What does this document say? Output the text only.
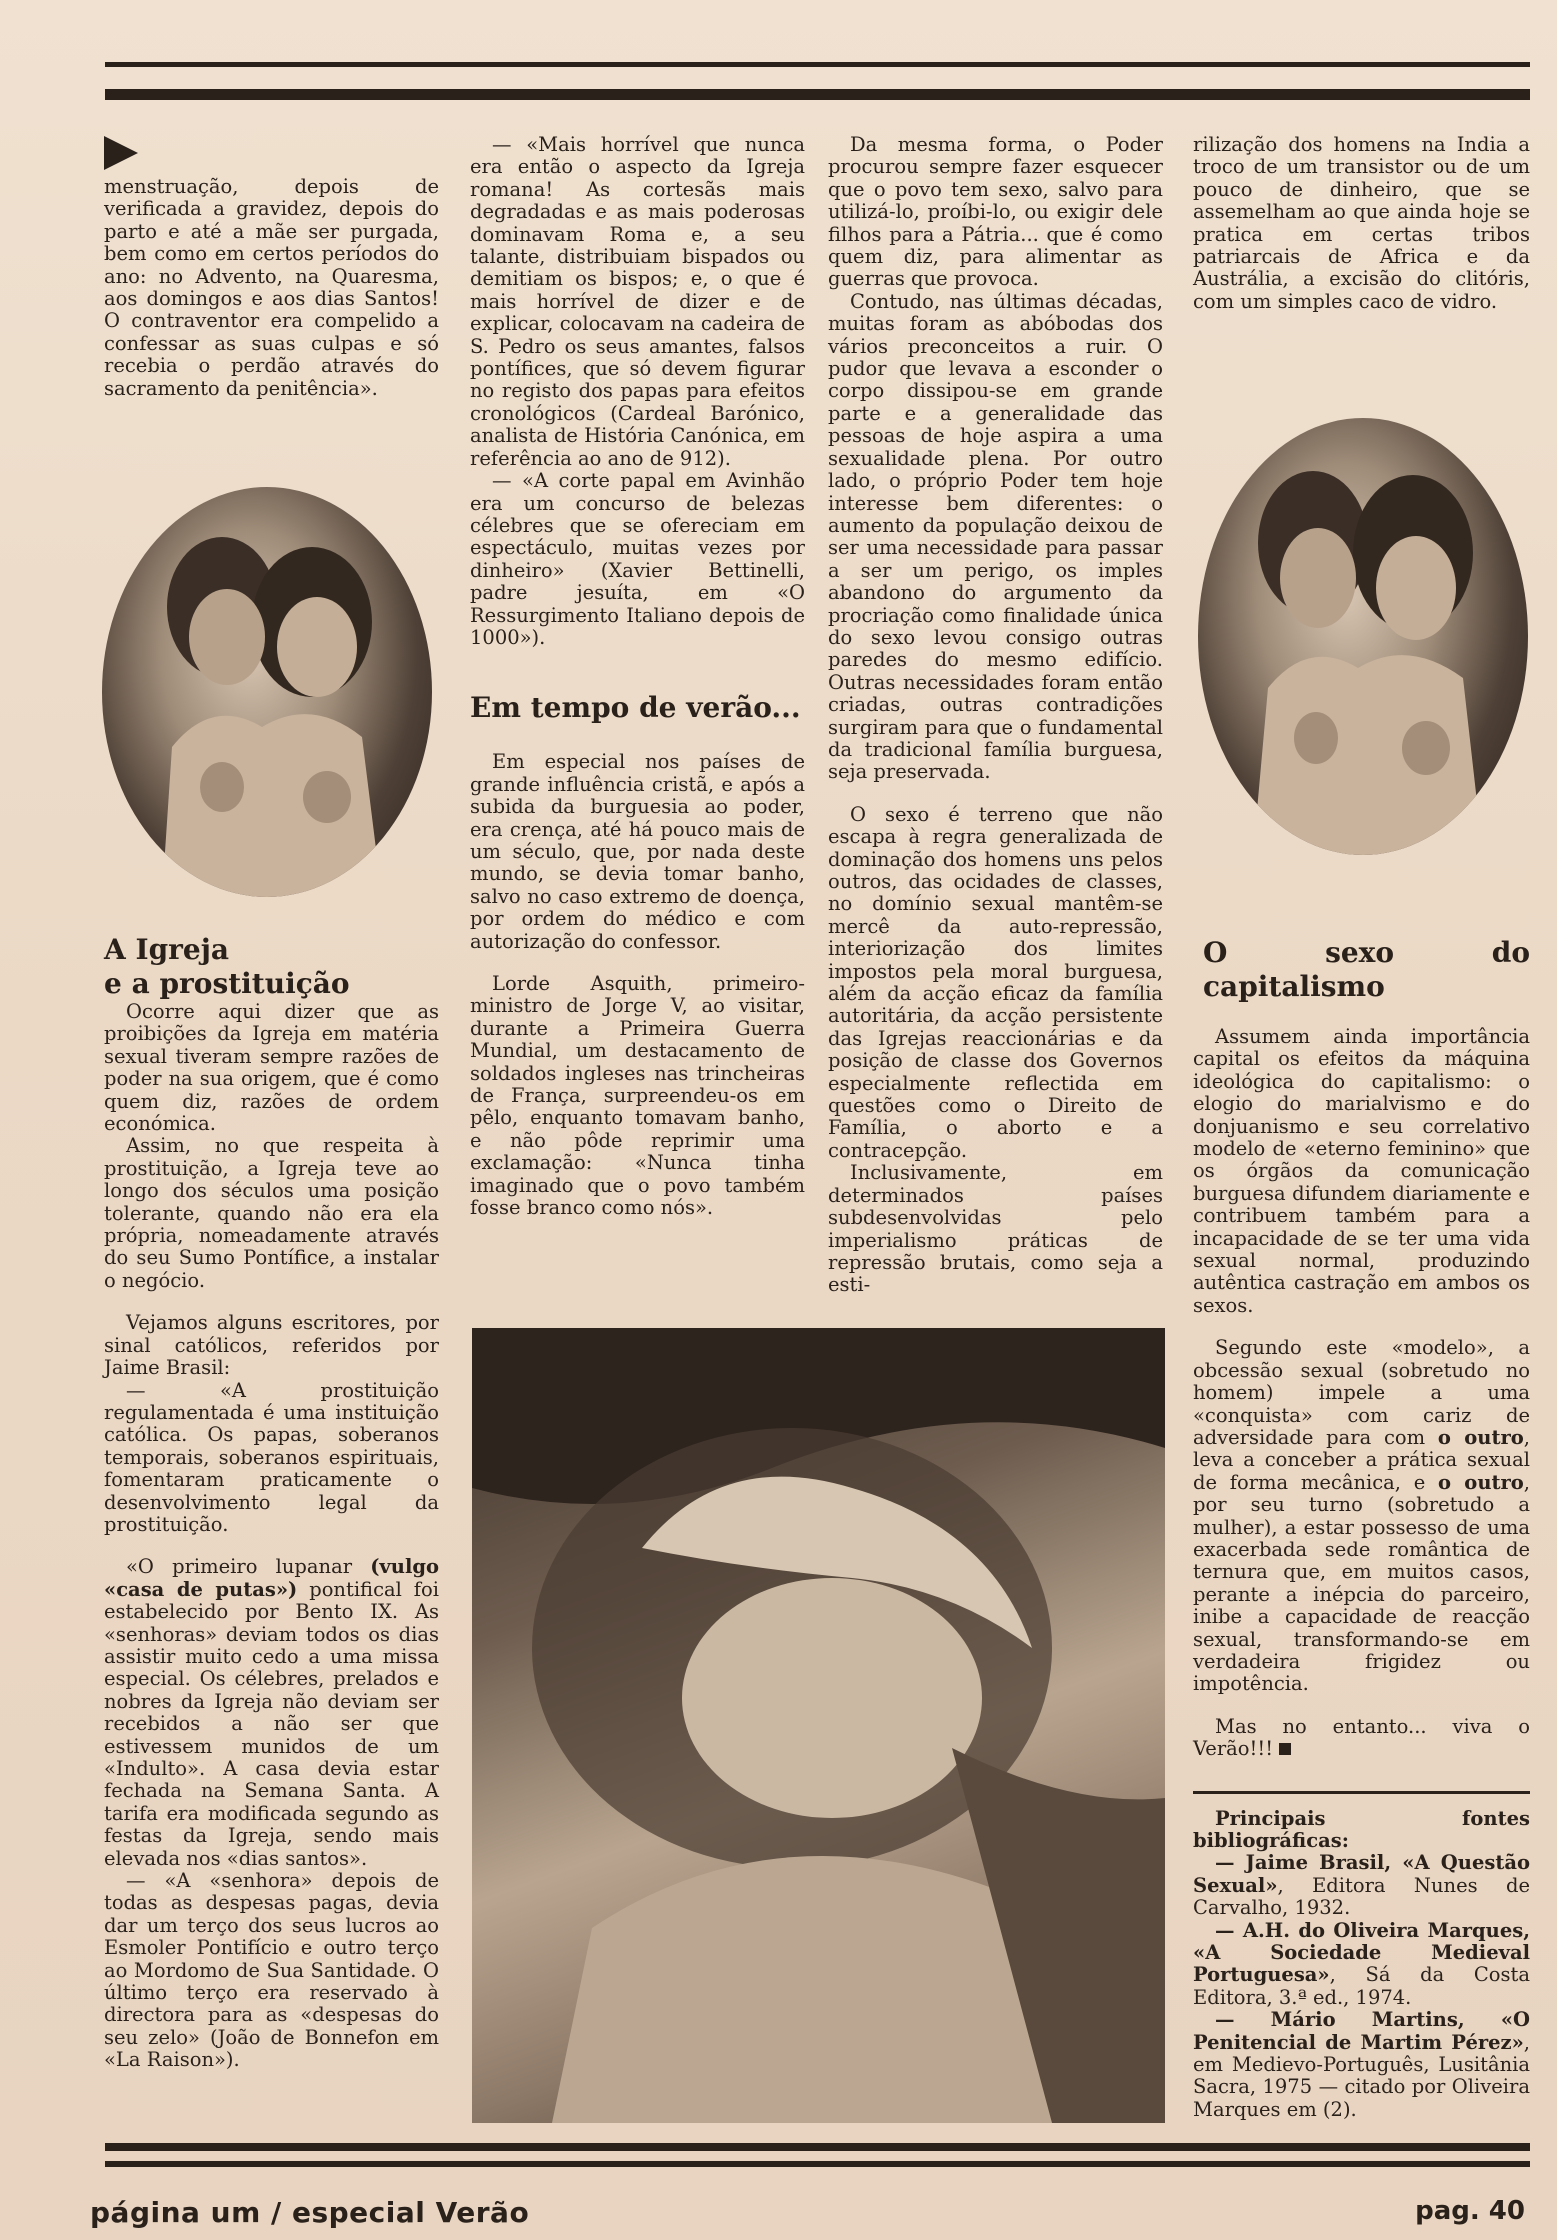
menstruação, depois de verificada a gravidez, depois do parto e até a mãe ser purgada, bem como em certos períodos do ano: no Advento, na Quaresma, aos domingos e aos dias Santos! O contraventor era compelido a confessar as suas culpas e só recebia o perdão através do sacramento da penitência».

A Igreja
e a prostituição

Ocorre aqui dizer que as proibições da Igreja em matéria sexual tiveram sempre razões de poder na sua origem, que é como quem diz, razões de ordem económica.

Assim, no que respeita à prostituição, a Igreja teve ao longo dos séculos uma posição tolerante, quando não era ela própria, nomeadamente através do seu Sumo Pontífice, a instalar o negócio.

Vejamos alguns escritores, por sinal católicos, referidos por Jaime Brasil:

— «A prostituição regulamentada é uma instituição católica. Os papas, soberanos temporais, soberanos espirituais, fomentaram praticamente o desenvolvimento legal da prostituição.

«O primeiro lupanar (vulgo «casa de putas») pontifical foi estabelecido por Bento IX. As «senhoras» deviam todos os dias assistir muito cedo a uma missa especial. Os célebres, prelados e nobres da Igreja não deviam ser recebidos a não ser que estivessem munidos de um «Indulto». A casa devia estar fechada na Semana Santa. A tarifa era modificada segundo as festas da Igreja, sendo mais elevada nos «dias santos».

— «A «senhora» depois de todas as despesas pagas, devia dar um terço dos seus lucros ao Esmoler Pontifício e outro terço ao Mordomo de Sua Santidade. O último terço era reservado à directora para as «despesas do seu zelo» (João de Bonnefon em «La Raison»).

— «Mais horrível que nunca era então o aspecto da Igreja romana! As cortesãs mais degradadas e as mais poderosas dominavam Roma e, a seu talante, distribuiam bispados ou demitiam os bispos; e, o que é mais horrível de dizer e de explicar, colocavam na cadeira de S. Pedro os seus amantes, falsos pontífices, que só devem figurar no registo dos papas para efeitos cronológicos (Cardeal Barónico, analista de História Canónica, em referência ao ano de 912).

— «A corte papal em Avinhão era um concurso de belezas célebres que se ofereciam em espectáculo, muitas vezes por dinheiro» (Xavier Bettinelli, padre jesuíta, em «O Ressurgimento Italiano depois de 1000»).

Em tempo de verão...

Em especial nos países de grande influência cristã, e após a subida da burguesia ao poder, era crença, até há pouco mais de um século, que, por nada deste mundo, se devia tomar banho, salvo no caso extremo de doença, por ordem do médico e com autorização do confessor.

Lorde Asquith, primeiro-ministro de Jorge V, ao visitar, durante a Primeira Guerra Mundial, um destacamento de soldados ingleses nas trincheiras de França, surpreendeu-os em pêlo, enquanto tomavam banho, e não pôde reprimir uma exclamação: «Nunca tinha imaginado que o povo também fosse branco como nós».

Da mesma forma, o Poder procurou sempre fazer esquecer que o povo tem sexo, salvo para utilizá-lo, proíbi-lo, ou exigir dele filhos para a Pátria... que é como quem diz, para alimentar as guerras que provoca.

Contudo, nas últimas décadas, muitas foram as abóbodas dos vários preconceitos a ruir. O pudor que levava a esconder o corpo dissipou-se em grande parte e a generalidade das pessoas de hoje aspira a uma sexualidade plena. Por outro lado, o próprio Poder tem hoje interesse bem diferentes: o aumento da população deixou de ser uma necessidade para passar a ser um perigo, os imples abandono do argumento da procriação como finalidade única do sexo levou consigo outras paredes do mesmo edifício. Outras necessidades foram então criadas, outras contradições surgiram para que o fundamental da tradicional família burguesa, seja preservada.

O sexo é terreno que não escapa à regra generalizada de dominação dos homens uns pelos outros, das ocidades de classes, no domínio sexual mantêm-se mercê da auto-repressão, interiorização dos limites impostos pela moral burguesa, além da acção eficaz da família autoritária, da acção persistente das Igrejas reaccionárias e da posição de classe dos Governos especialmente reflectida em questões como o Direito de Família, o aborto e a contracepção.

Inclusivamente, em determinados países subdesenvolvidas pelo imperialismo práticas de repressão brutais, como seja a esti-

rilização dos homens na India a troco de um transistor ou de um pouco de dinheiro, que se assemelham ao que ainda hoje se pratica em certas tribos patriarcais de Africa e da Austrália, a excisão do clitóris, com um simples caco de vidro.

O sexo do capitalismo

Assumem ainda importância capital os efeitos da máquina ideológica do capitalismo: o elogio do marialvismo e do donjuanismo e seu correlativo modelo de «eterno feminino» que os órgãos da comunicação burguesa difundem diariamente e contribuem também para a incapacidade de se ter uma vida sexual normal, produzindo autêntica castração em ambos os sexos.

Segundo este «modelo», a obcessão sexual (sobretudo no homem) impele a uma «conquista» com cariz de adversidade para com o outro, leva a conceber a prática sexual de forma mecânica, e o outro, por seu turno (sobretudo a mulher), a estar possesso de uma exacerbada sede romântica de ternura que, em muitos casos, perante a inépcia do parceiro, inibe a capacidade de reacção sexual, transformando-se em verdadeira frigidez ou impotência.

Mas no entanto... viva o Verão!!!

Principais fontes bibliográficas:

— Jaime Brasil, «A Questão Sexual», Editora Nunes de Carvalho, 1932.

— A.H. do Oliveira Marques, «A Sociedade Medieval Portuguesa», Sá da Costa Editora, 3.ª ed., 1974.

— Mário Martins, «O Penitencial de Martim Pérez», em Medievo-Português, Lusitânia Sacra, 1975 — citado por Oliveira Marques em (2).

página um / especial Verão	pag. 40
